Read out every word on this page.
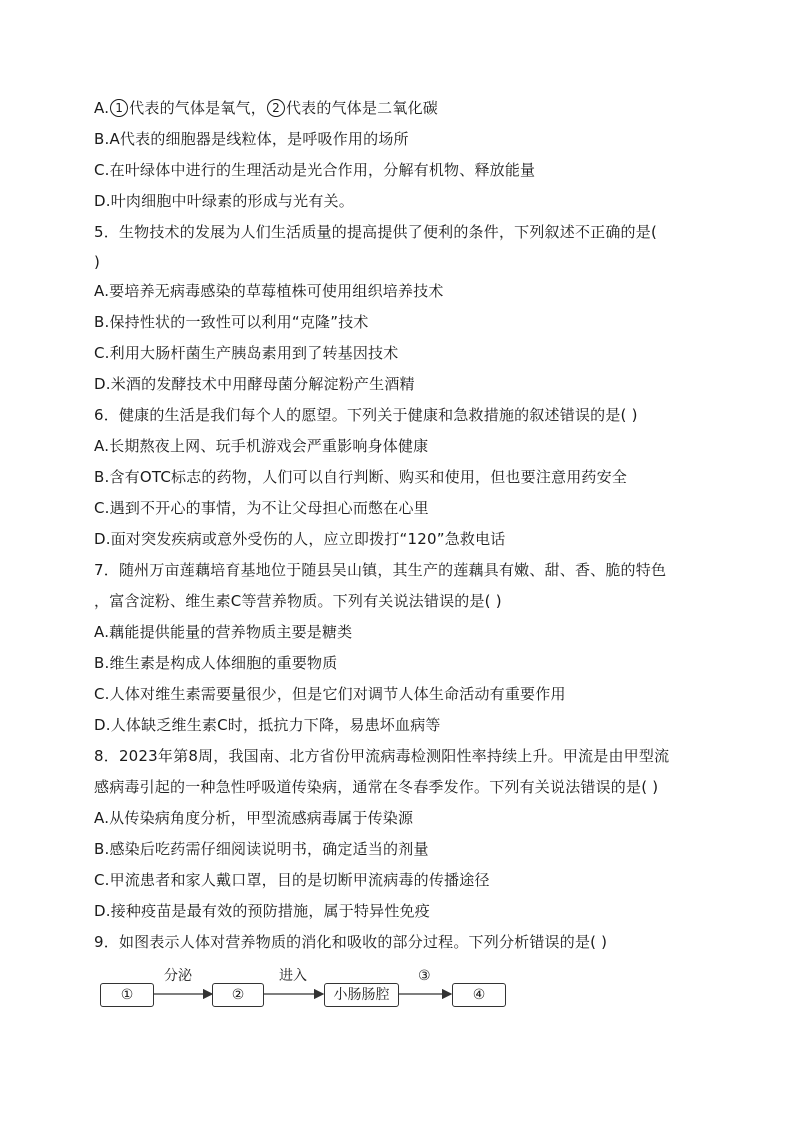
A. 1 代表的气体是氧气， 2 代表的气体是二氧化碳
B.A代表的细胞器是线粒体，是呼吸作用的场所
C.在叶绿体中进行的生理活动是光合作用，分解有机物、释放能量
D.叶肉细胞中叶绿素的形成与光有关。
5．生物技术的发展为人们生活质量的提高提供了便利的条件，下列叙述不正确的是(
)
A.要培养无病毒感染的草莓植株可使用组织培养技术
B.保持性状的一致性可以利用“克隆”技术
C.利用大肠杆菌生产胰岛素用到了转基因技术
D.米酒的发酵技术中用酵母菌分解淀粉产生酒精
6．健康的生活是我们每个人的愿望。下列关于健康和急救措施的叙述错误的是( )
A.长期熬夜上网、玩手机游戏会严重影响身体健康
B.含有OTC标志的药物，人们可以自行判断、购买和使用，但也要注意用药安全
C.遇到不开心的事情，为不让父母担心而憋在心里
D.面对突发疾病或意外受伤的人，应立即拨打“120”急救电话
7．随州万亩莲藕培育基地位于随县吴山镇，其生产的莲藕具有嫩、甜、香、脆的特色
，富含淀粉、维生素C等营养物质。下列有关说法错误的是( )
A.藕能提供能量的营养物质主要是糖类
B.维生素是构成人体细胞的重要物质
C.人体对维生素需要量很少，但是它们对调节人体生命活动有重要作用
D.人体缺乏维生素C时，抵抗力下降，易患坏血病等
8．2023年第8周，我国南、北方省份甲流病毒检测阳性率持续上升。甲流是由甲型流
感病毒引起的一种急性呼吸道传染病，通常在冬春季发作。下列有关说法错误的是( )
A.从传染病角度分析，甲型流感病毒属于传染源
B.感染后吃药需仔细阅读说明书，确定适当的剂量
C.甲流患者和家人戴口罩，目的是切断甲流病毒的传播途径
D.接种疫苗是最有效的预防措施，属于特异性免疫
9．如图表示人体对营养物质的消化和吸收的部分过程。下列分析错误的是( )
①
分泌
②
进入
小肠肠腔
③
④
